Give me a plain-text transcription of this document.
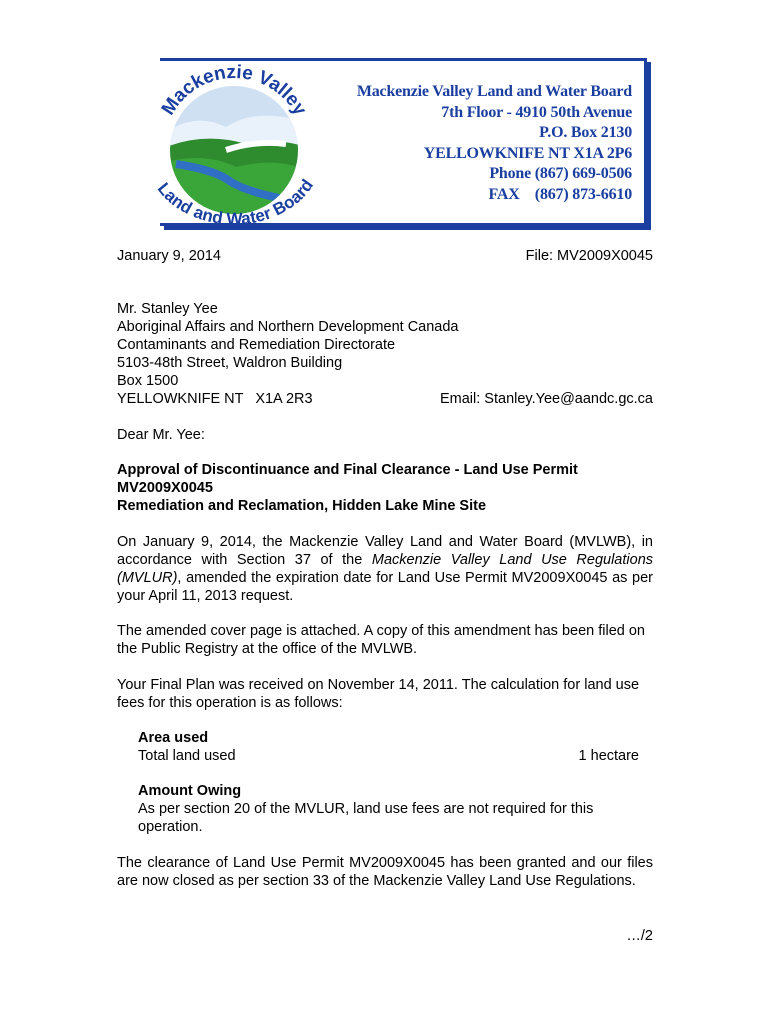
Mackenzie Valley
Land and Water Board
Mackenzie Valley Land and Water Board
7th Floor - 4910 50th Avenue
P.O. Box 2130
YELLOWKNIFE NT X1A 2P6
Phone (867) 669-0506
FAX    (867) 873-6610
January 9, 2014	File: MV2009X0045
Mr. Stanley Yee
Aboriginal Affairs and Northern Development Canada
Contaminants and Remediation Directorate
5103-48th Street, Waldron Building
Box 1500
YELLOWKNIFE NT   X1A 2R3	Email: Stanley.Yee@aandc.gc.ca
Dear Mr. Yee:
Approval of Discontinuance and Final Clearance - Land Use Permit
MV2009X0045
Remediation and Reclamation, Hidden Lake Mine Site
On January 9, 2014, the Mackenzie Valley Land and Water Board (MVLWB), in accordance with Section 37 of the Mackenzie Valley Land Use Regulations (MVLUR), amended the expiration date for Land Use Permit MV2009X0045 as per your April 11, 2013 request.
The amended cover page is attached. A copy of this amendment has been filed on the Public Registry at the office of the MVLWB.
Your Final Plan was received on November 14, 2011. The calculation for land use fees for this operation is as follows:
Area used
Total land used	1 hectare
Amount Owing
As per section 20 of the MVLUR, land use fees are not required for this operation.
The clearance of Land Use Permit MV2009X0045 has been granted and our files are now closed as per section 33 of the Mackenzie Valley Land Use Regulations.
…/2
